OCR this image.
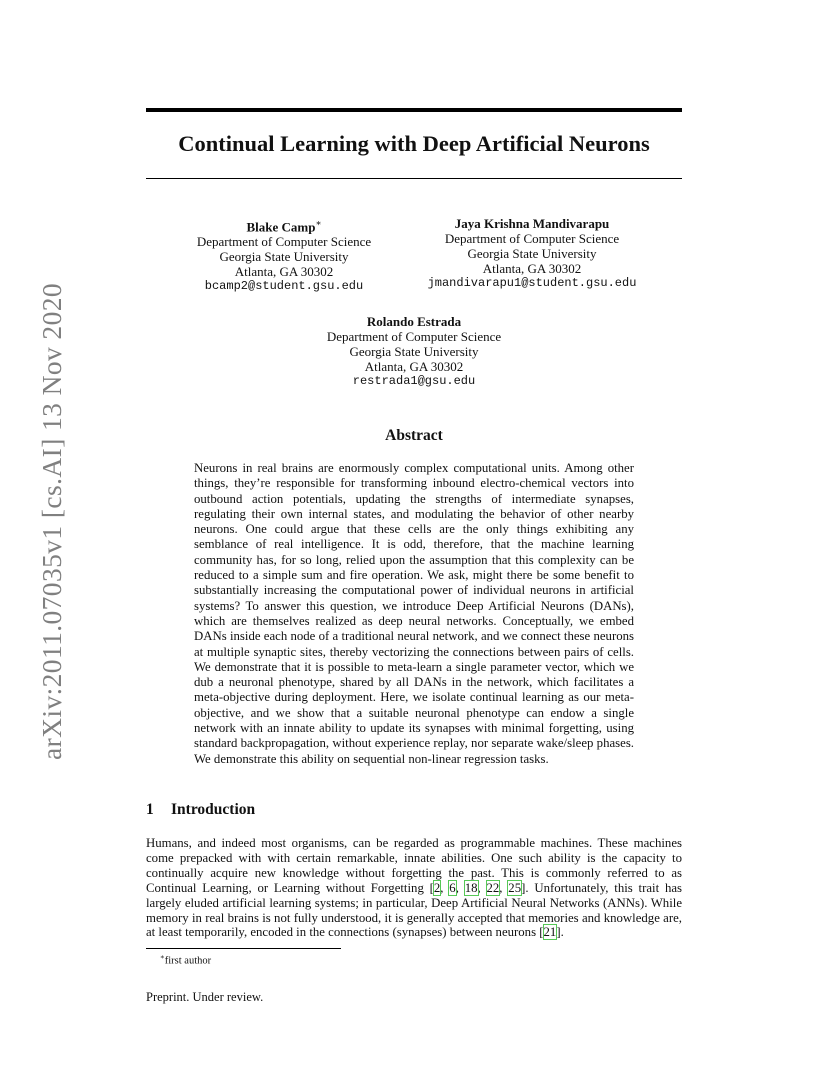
arXiv:2011.07035v1 [cs.AI] 13 Nov 2020
Continual Learning with Deep Artificial Neurons
Blake Camp∗
Department of Computer Science
Georgia State University
Atlanta, GA 30302
bcamp2@student.gsu.edu
Jaya Krishna Mandivarapu
Department of Computer Science
Georgia State University
Atlanta, GA 30302
jmandivarapu1@student.gsu.edu
Rolando Estrada
Department of Computer Science
Georgia State University
Atlanta, GA 30302
restrada1@gsu.edu
Abstract
Neurons in real brains are enormously complex computational units. Among other things, they’re responsible for transforming inbound electro-chemical vectors into outbound action potentials, updating the strengths of intermediate synapses, regulating their own internal states, and modulating the behavior of other nearby neurons. One could argue that these cells are the only things exhibiting any semblance of real intelligence. It is odd, therefore, that the machine learning community has, for so long, relied upon the assumption that this complexity can be reduced to a simple sum and fire operation. We ask, might there be some benefit to substantially increasing the computational power of individual neurons in artificial systems? To answer this question, we introduce Deep Artificial Neurons (DANs), which are themselves realized as deep neural networks. Conceptually, we embed DANs inside each node of a traditional neural network, and we connect these neurons at multiple synaptic sites, thereby vectorizing the connections between pairs of cells. We demonstrate that it is possible to meta-learn a single parameter vector, which we dub a neuronal phenotype, shared by all DANs in the network, which facilitates a meta-objective during deployment. Here, we isolate continual learning as our meta-objective, and we show that a suitable neuronal phenotype can endow a single network with an innate ability to update its synapses with minimal forgetting, using standard backpropagation, without experience replay, nor separate wake/sleep phases. We demonstrate this ability on sequential non-linear regression tasks.
1 Introduction
Humans, and indeed most organisms, can be regarded as programmable machines. These machines come prepacked with with certain remarkable, innate abilities. One such ability is the capacity to continually acquire new knowledge without forgetting the past. This is commonly referred to as Continual Learning, or Learning without Forgetting [2, 6, 18, 22, 25]. Unfortunately, this trait has largely eluded artificial learning systems; in particular, Deep Artificial Neural Networks (ANNs). While memory in real brains is not fully understood, it is generally accepted that memories and knowledge are, at least temporarily, encoded in the connections (synapses) between neurons [21].
∗first author
Preprint. Under review.
